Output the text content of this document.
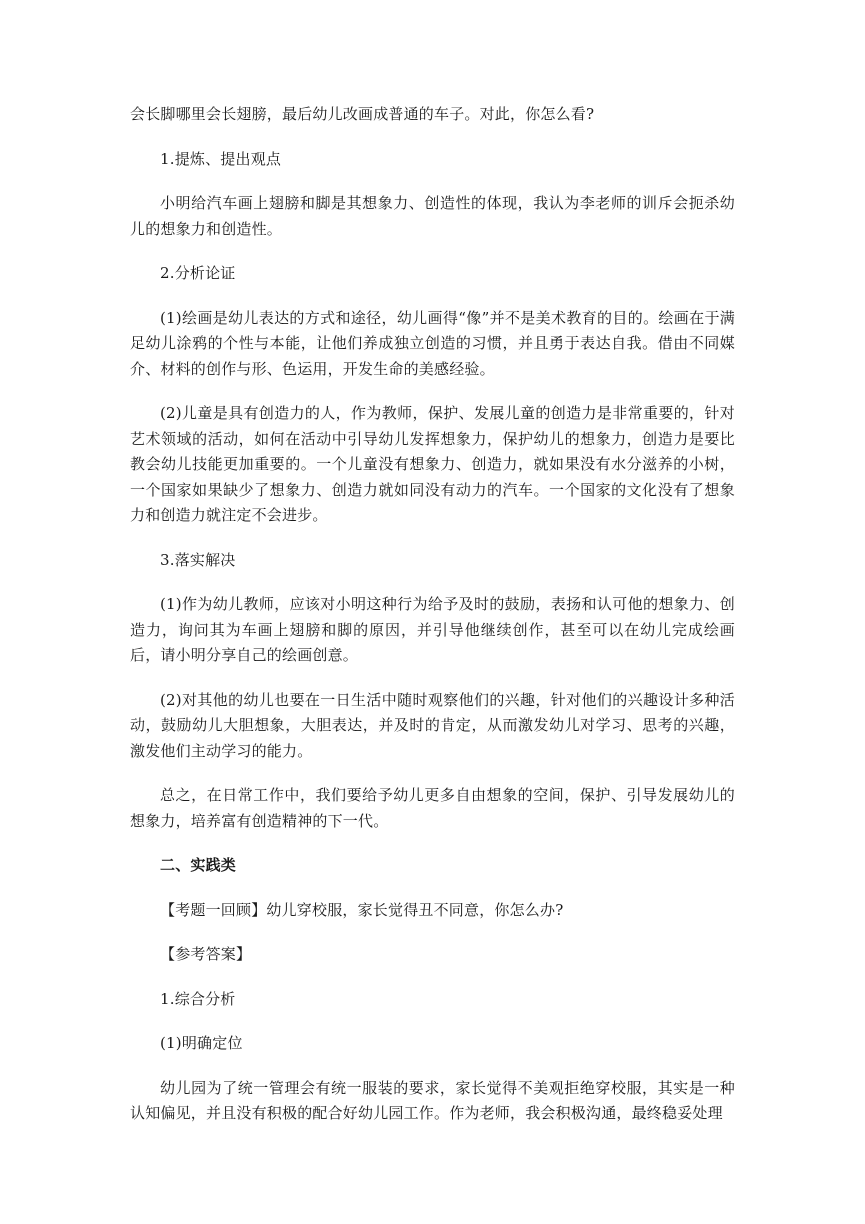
会长脚哪里会长翅膀，最后幼儿改画成普通的车子。对此，你怎么看?

1.提炼、提出观点

小明给汽车画上翅膀和脚是其想象力、创造性的体现，我认为李老师的训斥会扼杀幼儿的想象力和创造性。

2.分析论证

(1)绘画是幼儿表达的方式和途径，幼儿画得“像”并不是美术教育的目的。绘画在于满足幼儿涂鸦的个性与本能，让他们养成独立创造的习惯，并且勇于表达自我。借由不同媒介、材料的创作与形、色运用，开发生命的美感经验。

(2)儿童是具有创造力的人，作为教师，保护、发展儿童的创造力是非常重要的，针对艺术领域的活动，如何在活动中引导幼儿发挥想象力，保护幼儿的想象力，创造力是要比教会幼儿技能更加重要的。一个儿童没有想象力、创造力，就如果没有水分滋养的小树，一个国家如果缺少了想象力、创造力就如同没有动力的汽车。一个国家的文化没有了想象力和创造力就注定不会进步。

3.落实解决

(1)作为幼儿教师，应该对小明这种行为给予及时的鼓励，表扬和认可他的想象力、创造力，询问其为车画上翅膀和脚的原因，并引导他继续创作，甚至可以在幼儿完成绘画后，请小明分享自己的绘画创意。

(2)对其他的幼儿也要在一日生活中随时观察他们的兴趣，针对他们的兴趣设计多种活动，鼓励幼儿大胆想象，大胆表达，并及时的肯定，从而激发幼儿对学习、思考的兴趣，激发他们主动学习的能力。

总之，在日常工作中，我们要给予幼儿更多自由想象的空间，保护、引导发展幼儿的想象力，培养富有创造精神的下一代。

二、实践类

【考题一回顾】幼儿穿校服，家长觉得丑不同意，你怎么办?

【参考答案】

1.综合分析

(1)明确定位

幼儿园为了统一管理会有统一服装的要求，家长觉得不美观拒绝穿校服，其实是一种认知偏见，并且没有积极的配合好幼儿园工作。作为老师，我会积极沟通，最终稳妥处理
